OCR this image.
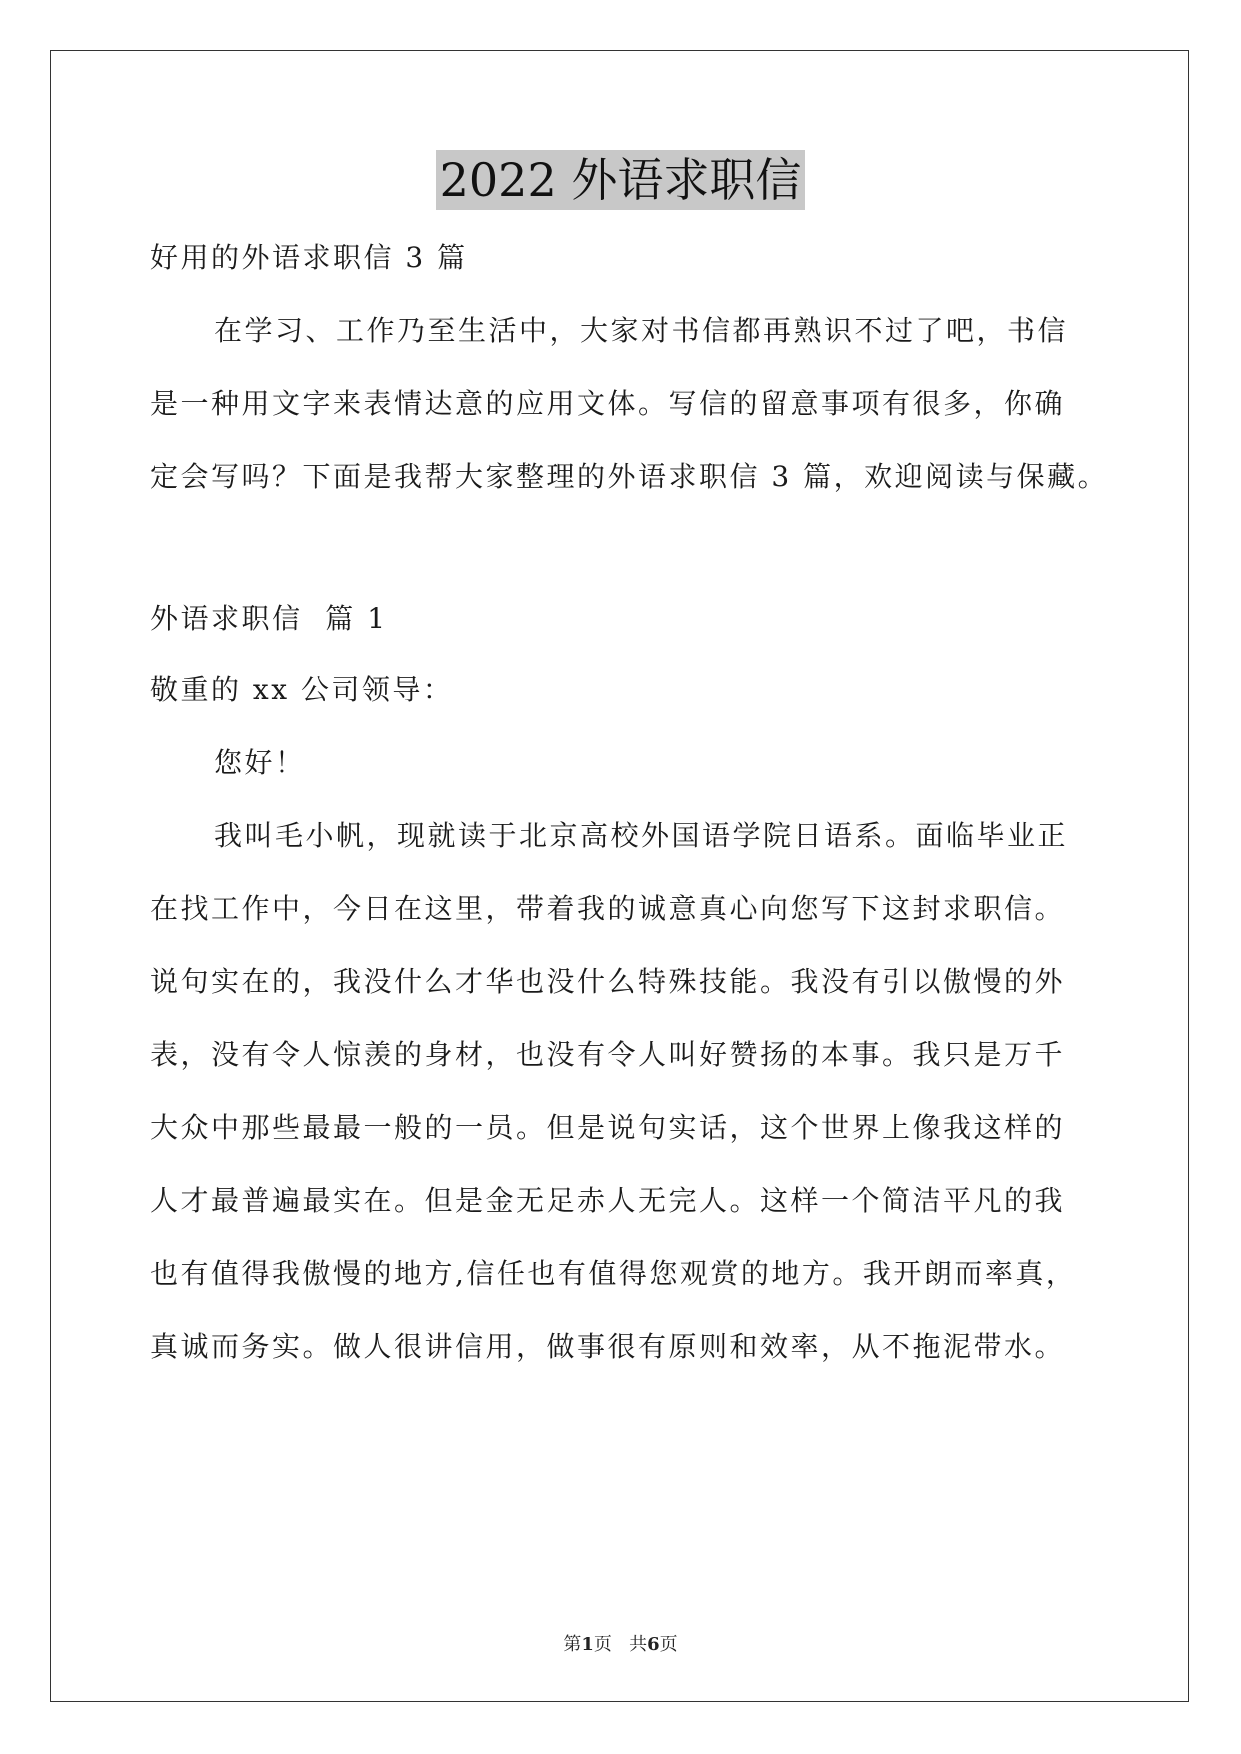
2022 外语求职信
好用的外语求职信 3 篇
在学习、工作乃至生活中，大家对书信都再熟识不过了吧，书信
是一种用文字来表情达意的应用文体。写信的留意事项有很多，你确
定会写吗？下面是我帮大家整理的外语求职信 3 篇，欢迎阅读与保藏。
外语求职信  篇 1
敬重的 xx 公司领导：
您好！
我叫毛小帆，现就读于北京高校外国语学院日语系。面临毕业正
在找工作中，今日在这里，带着我的诚意真心向您写下这封求职信。
说句实在的，我没什么才华也没什么特殊技能。我没有引以傲慢的外
表，没有令人惊羡的身材，也没有令人叫好赞扬的本事。我只是万千
大众中那些最最一般的一员。但是说句实话，这个世界上像我这样的
人才最普遍最实在。但是金无足赤人无完人。这样一个简洁平凡的我
也有值得我傲慢的地方,信任也有值得您观赏的地方。我开朗而率真，
真诚而务实。做人很讲信用，做事很有原则和效率，从不拖泥带水。
第1页   共6页
